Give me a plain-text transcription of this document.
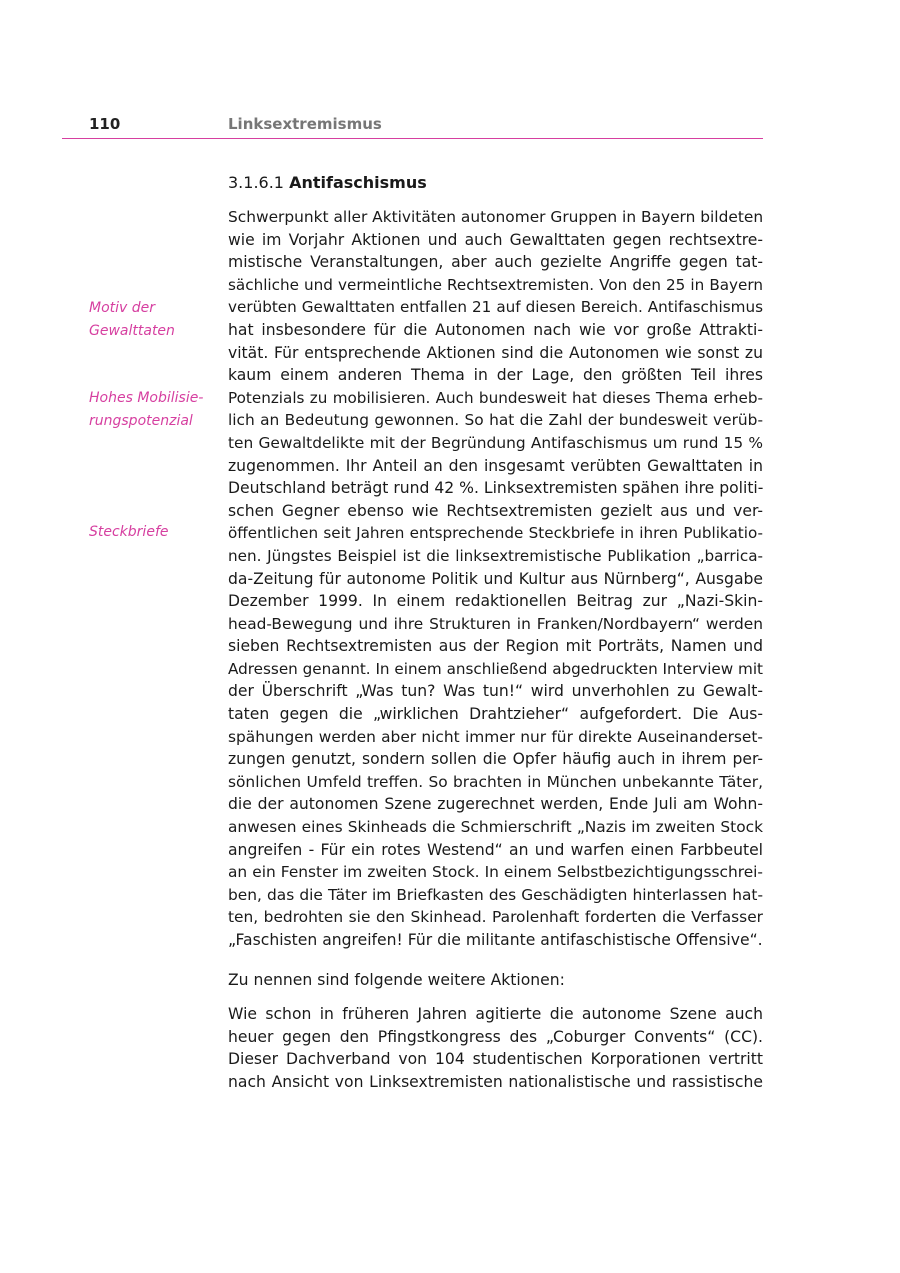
110	Linksextremismus
3.1.6.1 Antifaschismus
Motiv der
Gewalttaten
Hohes Mobilisie-
rungspotenzial
Steckbriefe
Schwerpunkt aller Aktivitäten autonomer Gruppen in Bayern bildeten
wie im Vorjahr Aktionen und auch Gewalttaten gegen rechtsextre-
mistische Veranstaltungen, aber auch gezielte Angriffe gegen tat-
sächliche und vermeintliche Rechtsextremisten. Von den 25 in Bayern
verübten Gewalttaten entfallen 21 auf diesen Bereich. Antifaschismus
hat insbesondere für die Autonomen nach wie vor große Attrakti-
vität. Für entsprechende Aktionen sind die Autonomen wie sonst zu
kaum einem anderen Thema in der Lage, den größten Teil ihres
Potenzials zu mobilisieren. Auch bundesweit hat dieses Thema erheb-
lich an Bedeutung gewonnen. So hat die Zahl der bundesweit verüb-
ten Gewaltdelikte mit der Begründung Antifaschismus um rund 15 %
zugenommen. Ihr Anteil an den insgesamt verübten Gewalttaten in
Deutschland beträgt rund 42 %. Linksextremisten spähen ihre politi-
schen Gegner ebenso wie Rechtsextremisten gezielt aus und ver-
öffentlichen seit Jahren entsprechende Steckbriefe in ihren Publikatio-
nen. Jüngstes Beispiel ist die linksextremistische Publikation „barrica-
da-Zeitung für autonome Politik und Kultur aus Nürnberg“, Ausgabe
Dezember 1999. In einem redaktionellen Beitrag zur „Nazi-Skin-
head-Bewegung und ihre Strukturen in Franken/Nordbayern“ werden
sieben Rechtsextremisten aus der Region mit Porträts, Namen und
Adressen genannt. In einem anschließend abgedruckten Interview mit
der Überschrift „Was tun? Was tun!“ wird unverhohlen zu Gewalt-
taten gegen die „wirklichen Drahtzieher“ aufgefordert. Die Aus-
spähungen werden aber nicht immer nur für direkte Auseinanderset-
zungen genutzt, sondern sollen die Opfer häufig auch in ihrem per-
sönlichen Umfeld treffen. So brachten in München unbekannte Täter,
die der autonomen Szene zugerechnet werden, Ende Juli am Wohn-
anwesen eines Skinheads die Schmierschrift „Nazis im zweiten Stock
angreifen - Für ein rotes Westend“ an und warfen einen Farbbeutel
an ein Fenster im zweiten Stock. In einem Selbstbezichtigungsschrei-
ben, das die Täter im Briefkasten des Geschädigten hinterlassen hat-
ten, bedrohten sie den Skinhead. Parolenhaft forderten die Verfasser
„Faschisten angreifen! Für die militante antifaschistische Offensive“.
Zu nennen sind folgende weitere Aktionen:
Wie schon in früheren Jahren agitierte die autonome Szene auch
heuer gegen den Pfingstkongress des „Coburger Convents“ (CC).
Dieser Dachverband von 104 studentischen Korporationen vertritt
nach Ansicht von Linksextremisten nationalistische und rassistische
